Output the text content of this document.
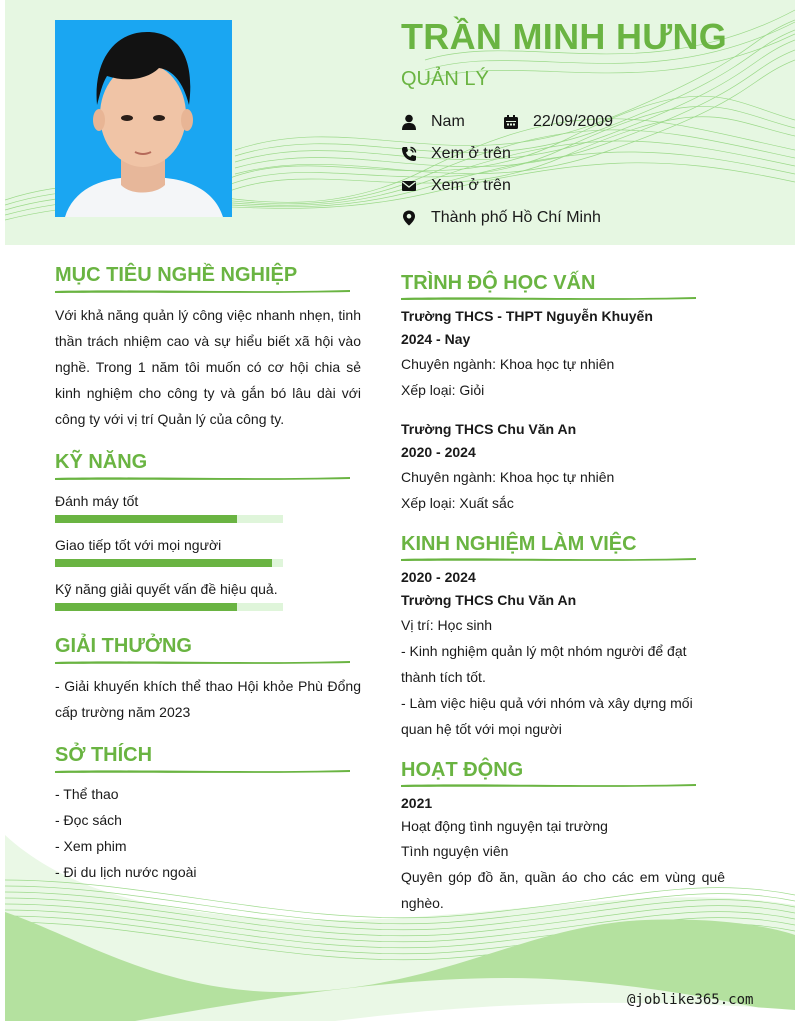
TRẦN MINH HƯNG
QUẢN LÝ
Nam	22/09/2009
Xem ở trên
Xem ở trên
Thành phố Hồ Chí Minh
MỤC TIÊU NGHỀ NGHIỆP
Với khả năng quản lý công việc nhanh nhẹn, tinh thần trách nhiệm cao và sự hiểu biết xã hội vào nghề. Trong 1 năm tôi muốn có cơ hội chia sẻ kinh nghiệm cho công ty và gắn bó lâu dài với công ty với vị trí Quản lý của công ty.
KỸ NĂNG
Đánh máy tốt
Giao tiếp tốt với mọi người
Kỹ năng giải quyết vấn đề hiệu quả.
GIẢI THƯỞNG
- Giải khuyến khích thể thao Hội khỏe Phù Đổng cấp trường năm 2023
SỞ THÍCH
- Thể thao
- Đọc sách
- Xem phim
- Đi du lịch nước ngoài
TRÌNH ĐỘ HỌC VẤN
Trường THCS - THPT Nguyễn Khuyến
2024 - Nay
Chuyên ngành: Khoa học tự nhiên
Xếp loại: Giỏi
Trường THCS Chu Văn An
2020 - 2024
Chuyên ngành: Khoa học tự nhiên
Xếp loại: Xuất sắc
KINH NGHIỆM LÀM VIỆC
2020 - 2024
Trường THCS Chu Văn An
Vị trí: Học sinh
- Kinh nghiệm quản lý một nhóm người để đạt thành tích tốt.
- Làm việc hiệu quả với nhóm và xây dựng mối quan hệ tốt với mọi người
HOẠT ĐỘNG
2021
Hoạt động tình nguyện tại trường
Tình nguyện viên
Quyên góp đồ ăn, quần áo cho các em vùng quê nghèo.
@joblike365.com
